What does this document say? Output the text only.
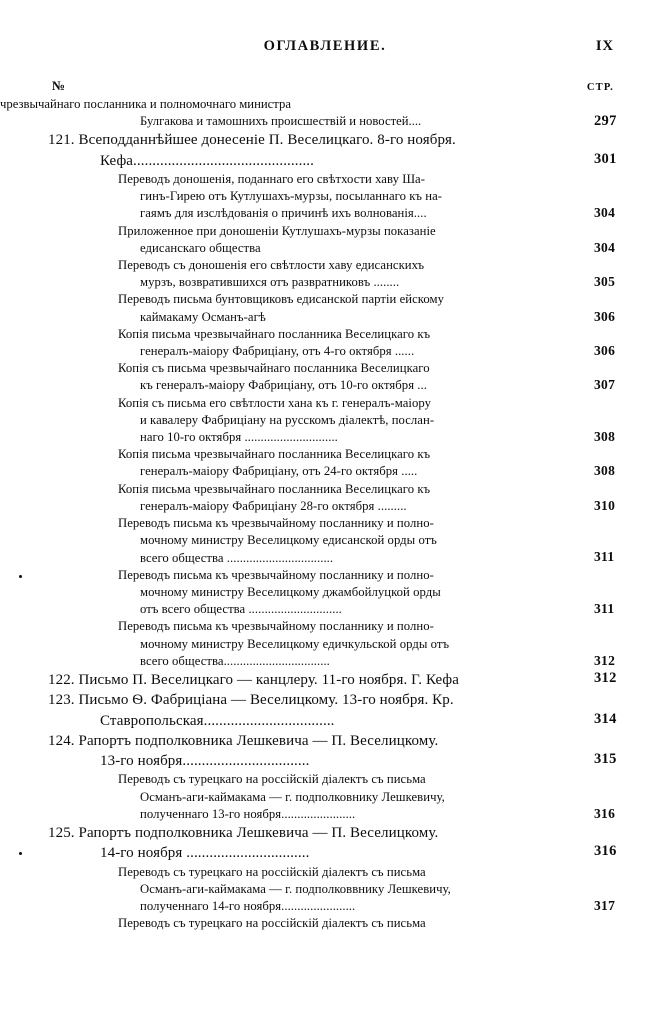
ОГЛАВЛЕНИЕ.	IX
№	СТР.
чрезвычайнаго посланника и полномочнаго министра
Булгакова и тамошнихъ происшествій и новостей....	297
121. Всеподданнѣйшее донесеніе П. Веселицкаго. 8-го ноября.
Кефа...............................................	301
Переводъ доношенія, поданнаго его свѣтхости хаву Ша-
гинъ-Гирею отъ Кутлушахъ-мурзы, посыланнаго къ на-
гаямъ для изслѣдованія о причинѣ ихъ волнованія....	304
Приложенное при доношеніи Кутлушахъ-мурзы показаніе
едисанскаго общества	304
Переводъ съ доношенія его свѣтлости хаву едисанскихъ
мурзъ, возвратившихся отъ развратниковъ ........	305
Переводъ письма бунтовщиковъ едисанской партіи ейскому
каймакаму Османъ-агѣ	306
Копія письма чрезвычайнаго посланника Веселицкаго къ
генералъ-маіору Фабриціану, отъ 4-го октября ......	306
Копія съ письма чрезвычайнаго посланника Веселицкаго
къ генералъ-маіору Фабриціану, отъ 10-го октября ...	307
Копія съ письма его свѣтлости хана къ г. генералъ-маіору
и кавалеру Фабриціану на русскомъ діалектѣ, послан-
наго 10-го октября .............................	308
Копія письма чрезвычайнаго посланника Веселицкаго къ
генералъ-маіору Фабриціану, отъ 24-го октября .....	308
Копія письма чрезвычайнаго посланника Веселицкаго къ
генералъ-маіору Фабриціану 28-го октября .........	310
Переводъ письма къ чрезвычайному посланнику и полно-
мочному министру Веселицкому едисанской орды отъ
всего общества .................................	311
Переводъ письма къ чрезвычайному посланнику и полно-
мочному министру Веселицкому джамбойлуцкой орды
отъ всего общества .............................	311
Переводъ письма къ чрезвычайному посланнику и полно-
мочному министру Веселицкому едичкульской орды отъ
всего общества.................................	312
122. Письмо П. Веселицкаго — канцлеру. 11-го ноября. Г. Кефа	312
123. Письмо Ѳ. Фабриціана — Веселицкому. 13-го ноября. Кр.
Ставропольская..................................	314
124. Рапортъ подполковника Лешкевича — П. Веселицкому.
13-го ноября.................................	315
Переводъ съ турецкаго на россійскій діалектъ съ письма
Османъ-аги-каймакама — г. подполковнику Лешкевичу,
полученнаго 13-го ноября.......................	316
125. Рапортъ подполковника Лешкевича — П. Веселицкому.
14-го ноября ................................	316
Переводъ съ турецкаго на россійскій діалектъ съ письма
Османъ-аги-каймакама — г. подполковвнику Лешкевичу,
полученнаго 14-го ноября.......................	317
Переводъ съ турецкаго на россійскій діалектъ съ письма
